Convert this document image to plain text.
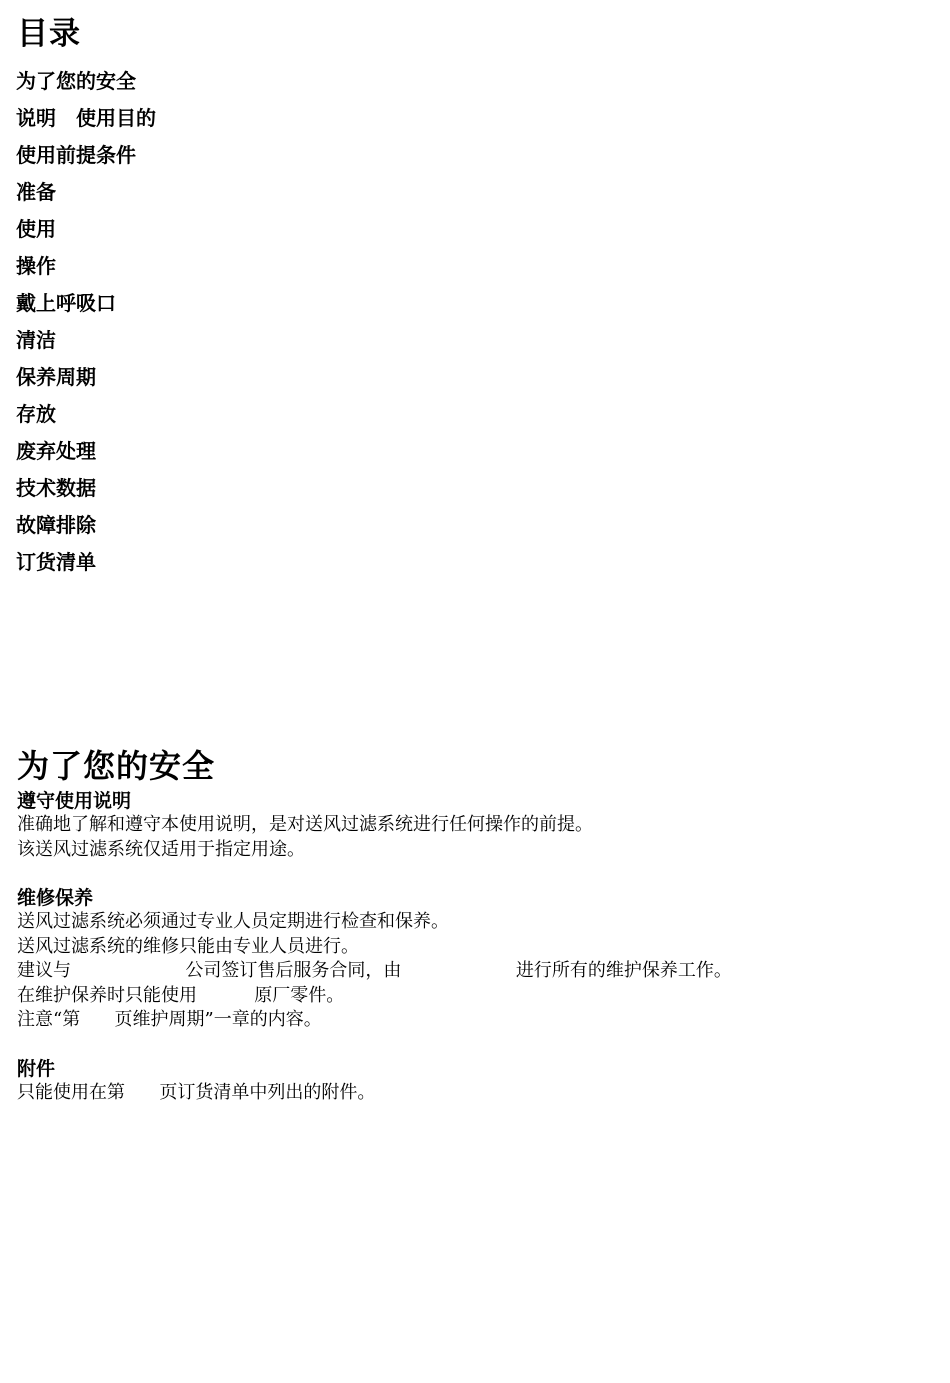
目录
为了您的安全
说明　使用目的
使用前提条件
准备
使用
操作
戴上呼吸口
清洁
保养周期
存放
废弃处理
技术数据
故障排除
订货清单
为了您的安全
遵守使用说明
准确地了解和遵守本使用说明，是对送风过滤系统进行任何操作的前提。
该送风过滤系统仅适用于指定用途。
维修保养
送风过滤系统必须通过专业人员定期进行检查和保养。
送风过滤系统的维修只能由专业人员进行。
建议与                    公司签订售后服务合同，由                    进行所有的维护保养工作。
在维护保养时只能使用          原厂零件。
注意“第      页维护周期”一章的内容。
附件
只能使用在第      页订货清单中列出的附件。
